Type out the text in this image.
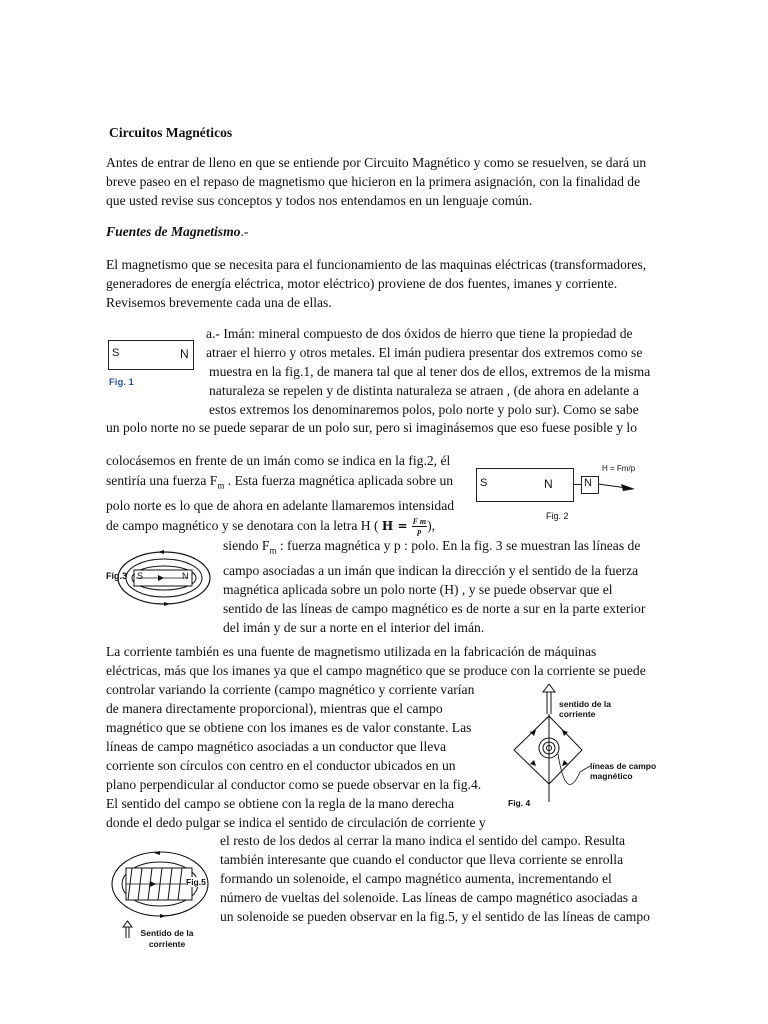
Circuitos Magnéticos
Antes de entrar de lleno en que se entiende por Circuito Magnético y como se resuelven, se dará un
breve paseo en el repaso de magnetismo que hicieron en la primera asignación, con la finalidad de
que usted revise sus conceptos y todos nos entendamos en un lenguaje común.
Fuentes de Magnetismo.-
El magnetismo que se necesita para el funcionamiento de las maquinas eléctricas (transformadores,
generadores de energía eléctrica, motor eléctrico) proviene de dos fuentes, imanes y corriente.
Revisemos brevemente cada una de ellas.
S	N
Fig. 1
a.- Imán: mineral compuesto de dos óxidos de hierro que tiene la propiedad de
atraer el hierro y otros metales. El imán pudiera presentar dos extremos como se
muestra en la fig.1, de manera tal que al tener dos de ellos, extremos de la misma
naturaleza se repelen y de distinta naturaleza se atraen , (de ahora en adelante a
estos extremos los denominaremos polos, polo norte y polo sur). Como se sabe
un polo norte no se puede separar de un polo sur, pero si imaginásemos que eso fuese posible y lo
colocásemos en frente de un imán como se indica en la fig.2, él
sentiría una fuerza $F_m$ . Esta fuerza magnética aplicada sobre un
polo norte es lo que de ahora en adelante llamaremos intensidad
de campo magnético y se denotara con la letra H ( $H = \frac{\text{F m}}{p}$ ),
S	N	N
H = Fm/p
Fig. 2
Fig.3 S	N
siendo $F_m$ : fuerza magnética y p : polo. En la fig. 3 se muestran las líneas de
campo asociadas a un imán que indican la dirección y el sentido de la fuerza
magnética aplicada sobre un polo norte (H) , y se puede observar que el
sentido de las líneas de campo magnético es de norte a sur en la parte exterior
del imán y de sur a norte en el interior del imán.
La corriente también es una fuente de magnetismo utilizada en la fabricación de máquinas
eléctricas, más que los imanes ya que el campo magnético que se produce con la corriente se puede
controlar variando la corriente (campo magnético y corriente varían
de manera directamente proporcional), mientras que el campo
magnético que se obtiene con los imanes es de valor constante. Las
líneas de campo magnético asociadas a un conductor que lleva
corriente son círculos con centro en el conductor ubicados en un
plano perpendicular al conductor como se puede observar en la fig.4.
El sentido del campo se obtiene con la regla de la mano derecha
donde el dedo pulgar se indica el sentido de circulación de corriente y
sentido de la corriente
líneas de campo magnético
Fig. 4
Fig.5
Sentido de la corriente
el resto de los dedos al cerrar la mano indica el sentido del campo. Resulta
también interesante que cuando el conductor que lleva corriente se enrolla
formando un solenoide, el campo magnético aumenta, incrementando el
número de vueltas del solenoide. Las líneas de campo magnético asociadas a
un solenoide se pueden observar en la fig.5, y el sentido de las líneas de campo
